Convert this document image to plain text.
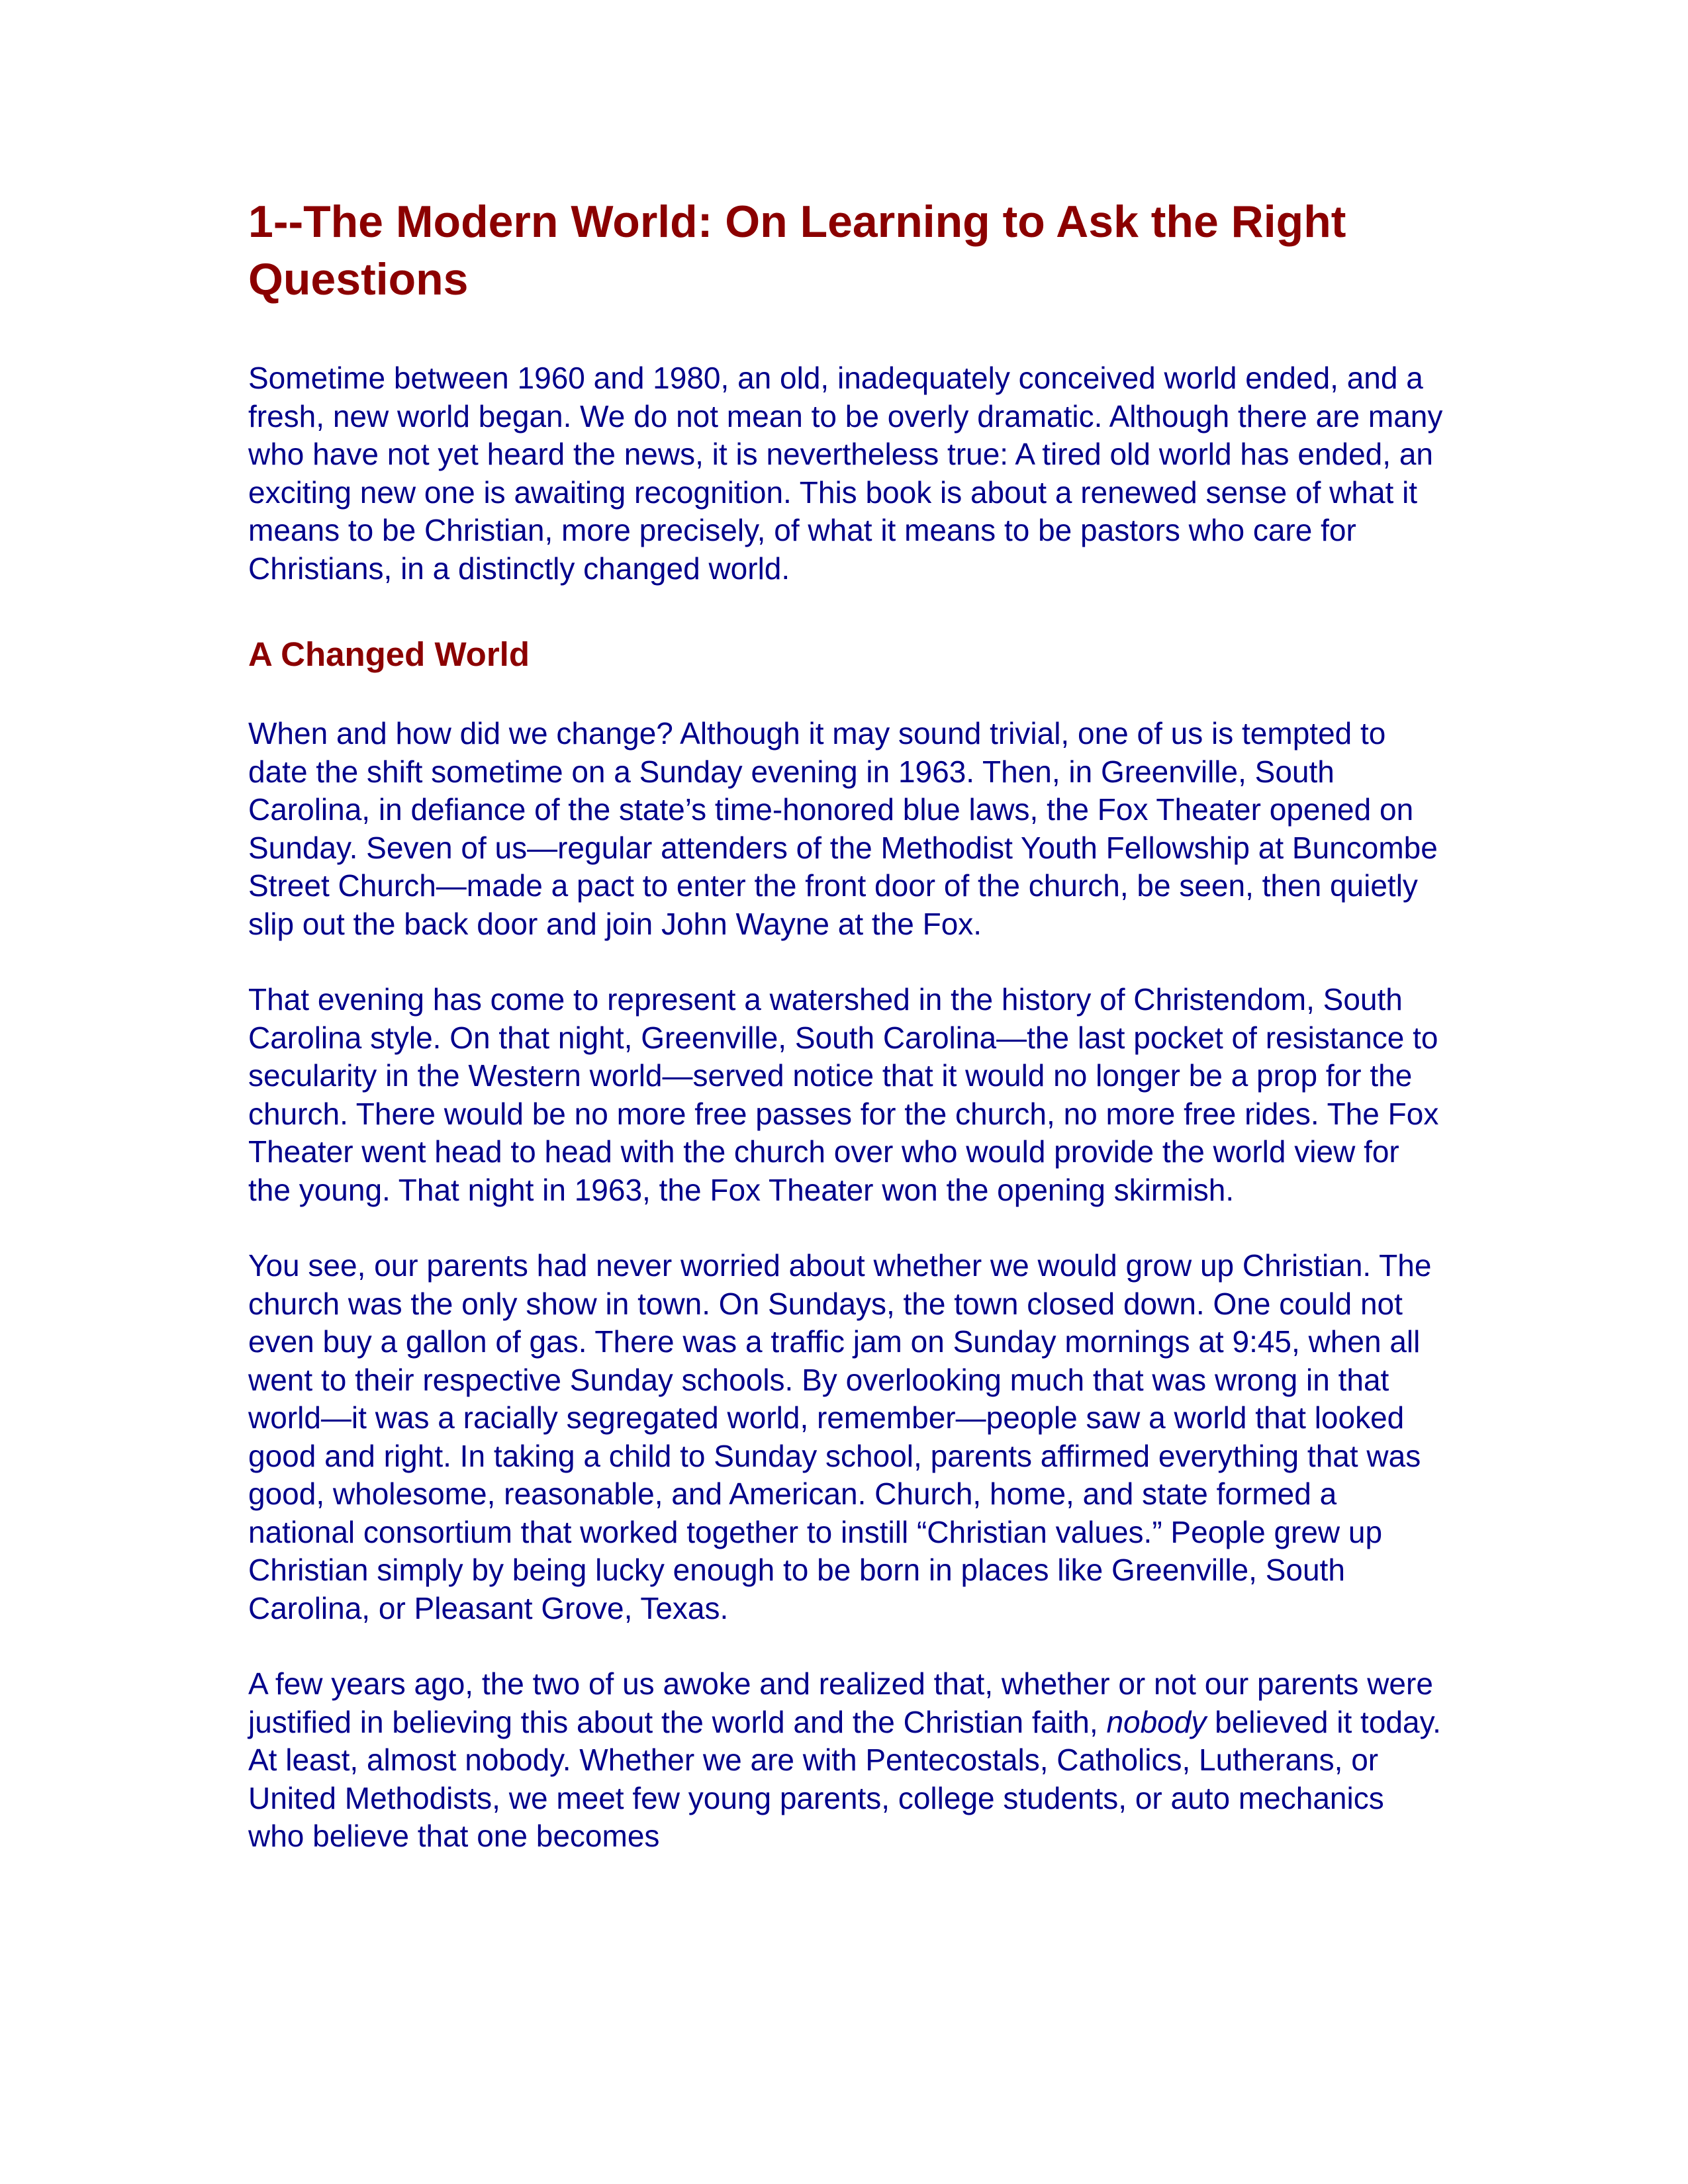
1--The Modern World: On Learning to Ask the Right Questions

Sometime between 1960 and 1980, an old, inadequately conceived world ended, and a fresh, new world began. We do not mean to be overly dramatic. Although there are many who have not yet heard the news, it is nevertheless true: A tired old world has ended, an exciting new one is awaiting recognition. This book is about a renewed sense of what it means to be Christian, more precisely, of what it means to be pastors who care for Christians, in a distinctly changed world.

A Changed World

When and how did we change? Although it may sound trivial, one of us is tempted to date the shift sometime on a Sunday evening in 1963. Then, in Greenville, South Carolina, in defiance of the state’s time-honored blue laws, the Fox Theater opened on Sunday. Seven of us—regular attenders of the Methodist Youth Fellowship at Buncombe Street Church—made a pact to enter the front door of the church, be seen, then quietly slip out the back door and join John Wayne at the Fox.

That evening has come to represent a watershed in the history of Christendom, South Carolina style. On that night, Greenville, South Carolina—the last pocket of resistance to secularity in the Western world—served notice that it would no longer be a prop for the church. There would be no more free passes for the church, no more free rides. The Fox Theater went head to head with the church over who would provide the world view for the young. That night in 1963, the Fox Theater won the opening skirmish.

You see, our parents had never worried about whether we would grow up Christian. The church was the only show in town. On Sundays, the town closed down. One could not even buy a gallon of gas. There was a traffic jam on Sunday mornings at 9:45, when all went to their respective Sunday schools. By overlooking much that was wrong in that world—it was a racially segregated world, remember—people saw a world that looked good and right. In taking a child to Sunday school, parents affirmed everything that was good, wholesome, reasonable, and American. Church, home, and state formed a national consortium that worked together to instill “Christian values.” People grew up Christian simply by being lucky enough to be born in places like Greenville, South Carolina, or Pleasant Grove, Texas.

A few years ago, the two of us awoke and realized that, whether or not our parents were justified in believing this about the world and the Christian faith, nobody believed it today. At least, almost nobody. Whether we are with Pentecostals, Catholics, Lutherans, or United Methodists, we meet few young parents, college students, or auto mechanics who believe that one becomes
